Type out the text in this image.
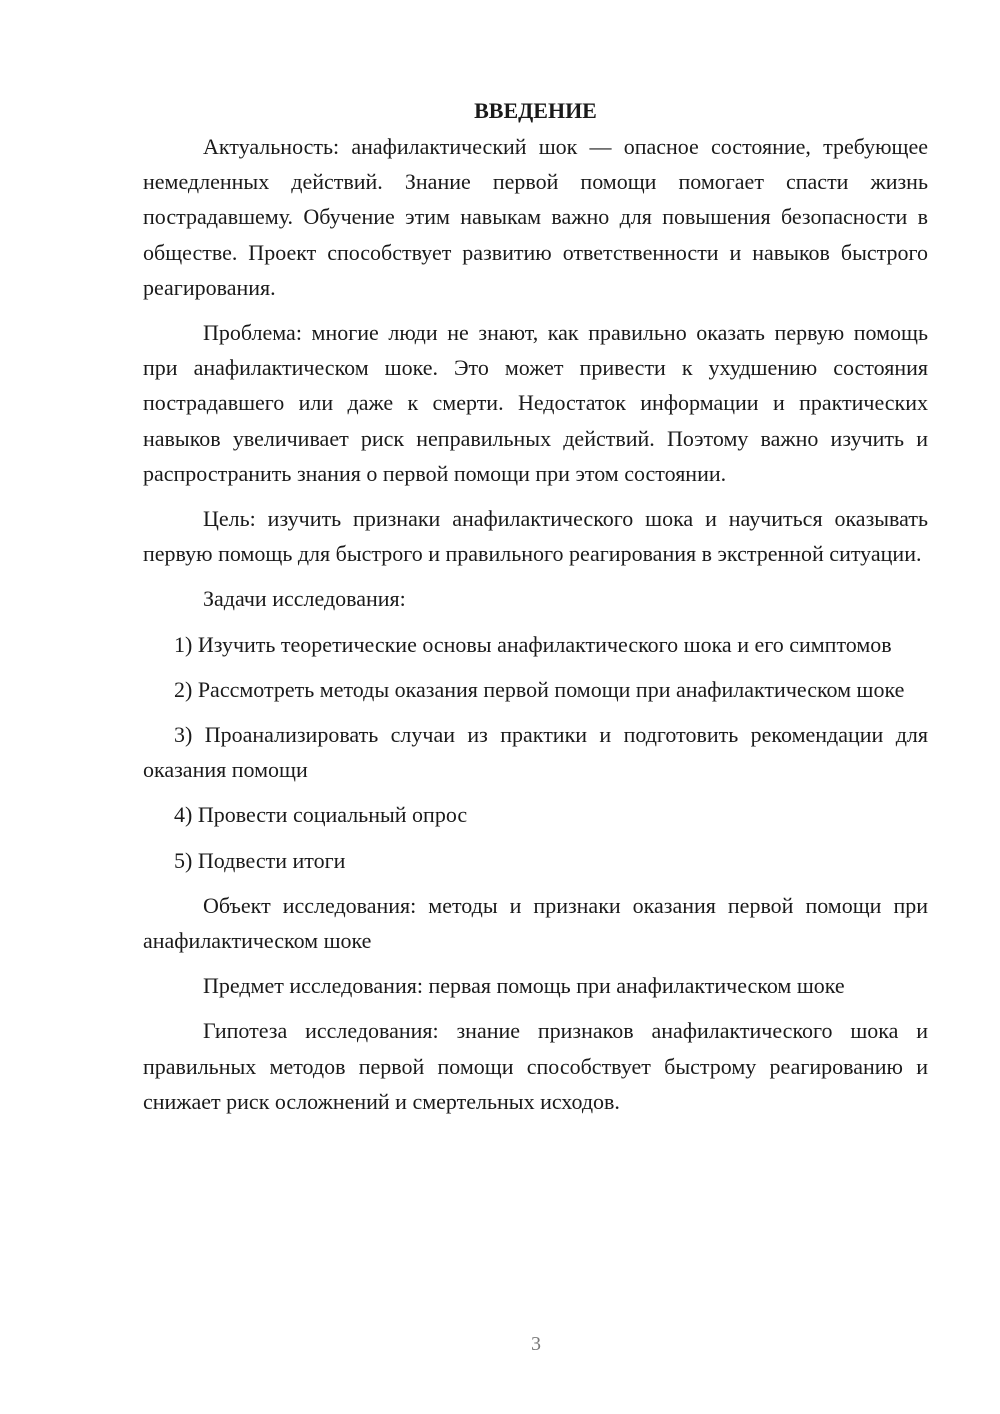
ВВЕДЕНИЕ

Актуальность: анафилактический шок — опасное состояние, требующее немедленных действий. Знание первой помощи помогает спасти жизнь пострадавшему. Обучение этим навыкам важно для повышения безопасности в обществе. Проект способствует развитию ответственности и навыков быстрого реагирования.

Проблема: многие люди не знают, как правильно оказать первую помощь при анафилактическом шоке. Это может привести к ухудшению состояния пострадавшего или даже к смерти. Недостаток информации и практических навыков увеличивает риск неправильных действий. Поэтому важно изучить и распространить знания о первой помощи при этом состоянии.

Цель: изучить признаки анафилактического шока и научиться оказывать первую помощь для быстрого и правильного реагирования в экстренной ситуации.

Задачи исследования:

1) Изучить теоретические основы анафилактического шока и его симптомов

2) Рассмотреть методы оказания первой помощи при анафилактическом шоке

3) Проанализировать случаи из практики и подготовить рекомендации для оказания помощи

4) Провести социальный опрос

5) Подвести итоги

Объект исследования: методы и признаки оказания первой помощи при анафилактическом шоке

Предмет исследования: первая помощь при анафилактическом шоке

Гипотеза исследования: знание признаков анафилактического шока и правильных методов первой помощи способствует быстрому реагированию и снижает риск осложнений и смертельных исходов.

3
